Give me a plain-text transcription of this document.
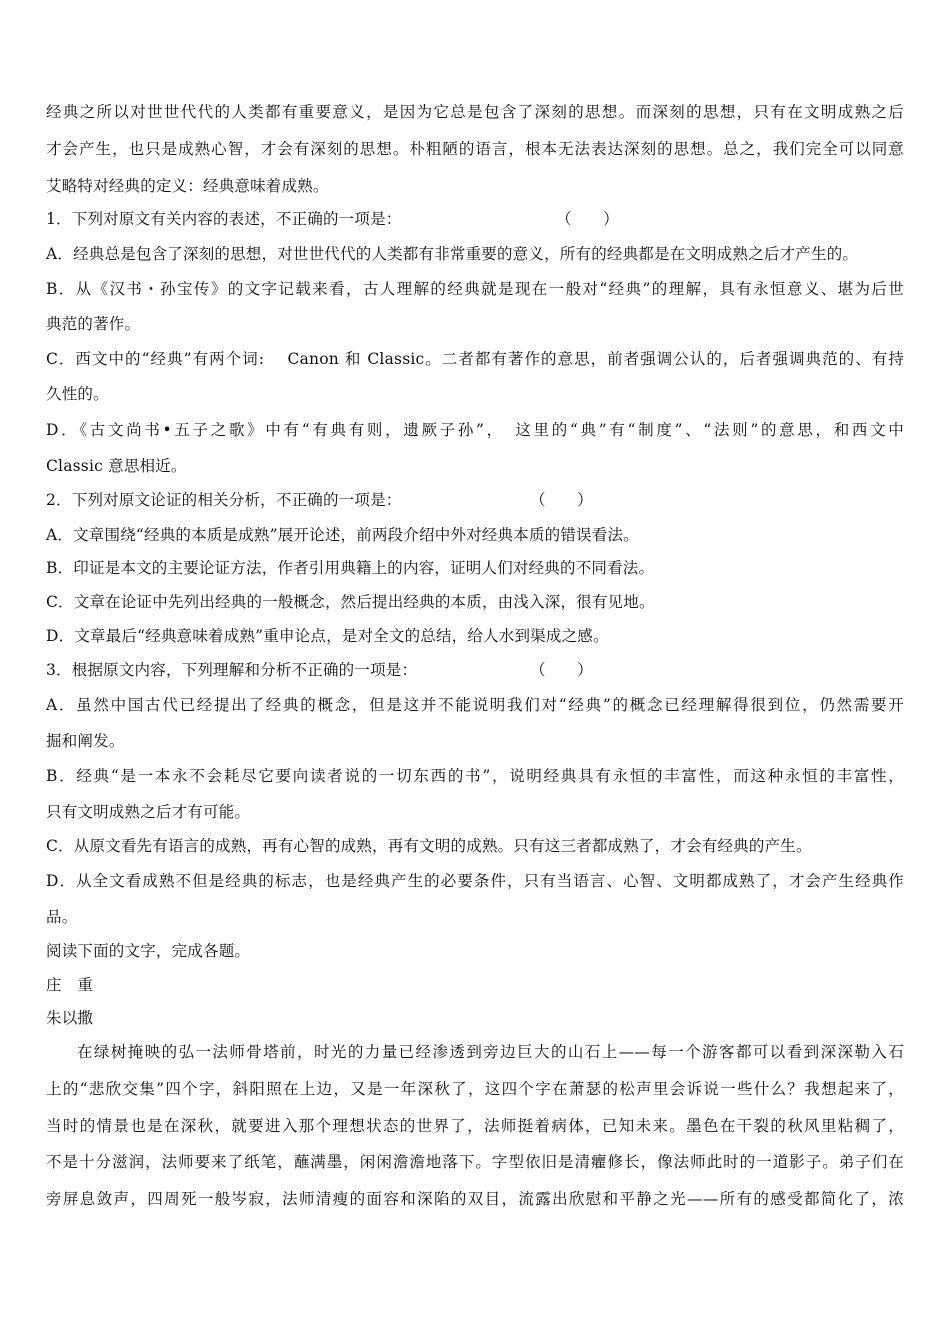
经典之所以对世世代代的人类都有重要意义，是因为它总是包含了深刻的思想。而深刻的思想，只有在文明成熟之后
才会产生，也只是成熟心智，才会有深刻的思想。朴粗陋的语言，根本无法表达深刻的思想。总之，我们完全可以同意
艾略特对经典的定义：经典意味着成熟。
1．下列对原文有关内容的表述，不正确的一项是：	（　　）
A．经典总是包含了深刻的思想，对世世代代的人类都有非常重要的意义，所有的经典都是在文明成熟之后才产生的。
B．从《汉书・孙宝传》的文字记载来看，古人理解的经典就是现在一般对“经典”的理解，具有永恒意义、堪为后世
典范的著作。
C．西文中的“经典”有两个词:　 Canon 和 Classic。二者都有著作的意思，前者强调公认的，后者强调典范的、有持
久性的。
D．《古文尚书•五子之歌》中有“有典有则，遗厥子孙”，　这里的“典”有“制度”、“法则”的意思，和西文中
Classic 意思相近。
2．下列对原文论证的相关分析，不正确的一项是：	（　　）
A．文章围绕“经典的本质是成熟”展开论述，前两段介绍中外对经典本质的错误看法。
B．印证是本文的主要论证方法，作者引用典籍上的内容，证明人们对经典的不同看法。
C．文章在论证中先列出经典的一般概念，然后提出经典的本质，由浅入深，很有见地。
D．文章最后“经典意味着成熟”重申论点，是对全文的总结，给人水到渠成之感。
3．根据原文内容，下列理解和分析不正确的一项是：	（　　）
A．虽然中国古代已经提出了经典的概念，但是这并不能说明我们对“经典”的概念已经理解得很到位，仍然需要开
掘和阐发。
B．经典“是一本永不会耗尽它要向读者说的一切东西的书”，说明经典具有永恒的丰富性，而这种永恒的丰富性，
只有文明成熟之后才有可能。
C．从原文看先有语言的成熟，再有心智的成熟，再有文明的成熟。只有这三者都成熟了，才会有经典的产生。
D．从全文看成熟不但是经典的标志，也是经典产生的必要条件，只有当语言、心智、文明都成熟了，才会产生经典作
品。
阅读下面的文字，完成各题。
庄　重
朱以撒
在绿树掩映的弘一法师骨塔前，时光的力量已经渗透到旁边巨大的山石上——每一个游客都可以看到深深勒入石
上的“悲欣交集”四个字，斜阳照在上边，又是一年深秋了，这四个字在萧瑟的松声里会诉说一些什么？我想起来了，
当时的情景也是在深秋，就要进入那个理想状态的世界了，法师挺着病体，已知未来。墨色在干裂的秋风里粘稠了，
不是十分滋润，法师要来了纸笔，蘸满墨，闲闲澹澹地落下。字型依旧是清癯修长，像法师此时的一道影子。弟子们在
旁屏息敛声，四周死一般岑寂，法师清瘦的面容和深陷的双目，流露出欣慰和平静之光——所有的感受都简化了，浓
